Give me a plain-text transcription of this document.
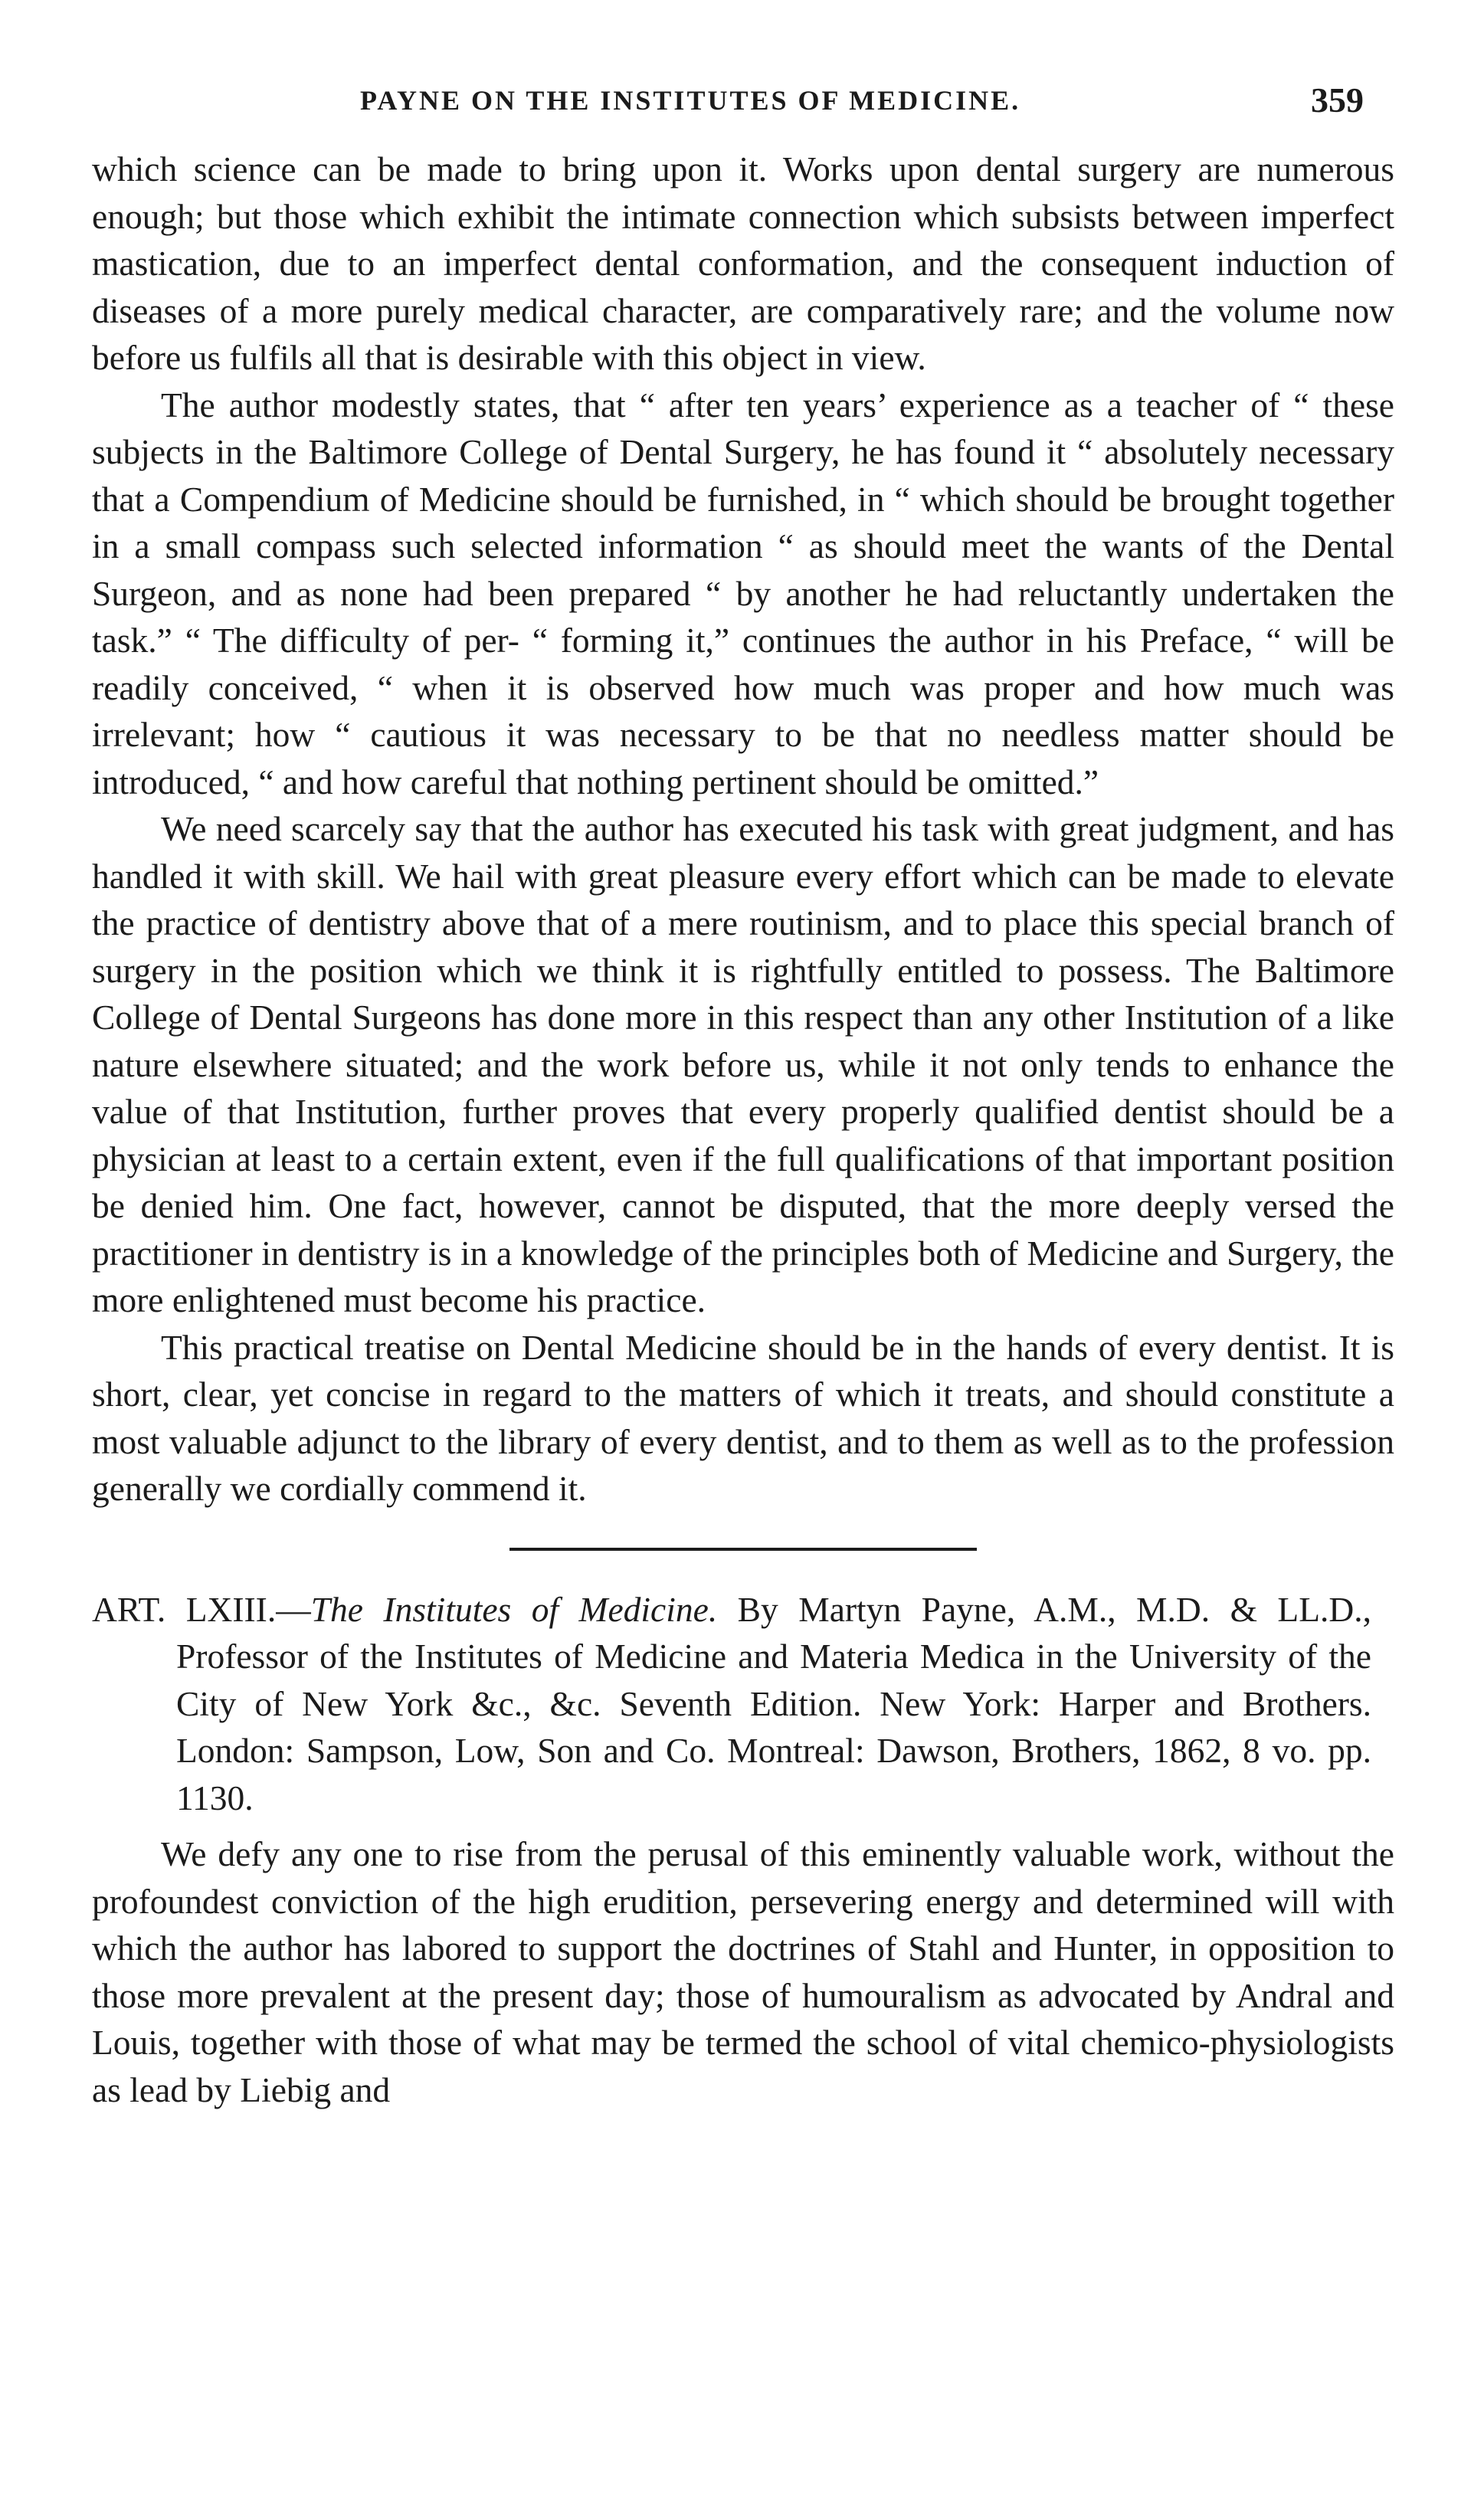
PAYNE ON THE INSTITUTES OF MEDICINE.	359

which science can be made to bring upon it. Works upon dental surgery are numerous enough; but those which exhibit the intimate connection which subsists between imperfect mastication, due to an imperfect dental conformation, and the consequent induction of diseases of a more purely medical character, are comparatively rare; and the volume now before us fulfils all that is desirable with this object in view.

The author modestly states, that “ after ten years’ experience as a teacher of “ these subjects in the Baltimore College of Dental Surgery, he has found it “ absolutely necessary that a Compendium of Medicine should be furnished, in “ which should be brought together in a small compass such selected information “ as should meet the wants of the Dental Surgeon, and as none had been prepared “ by another he had reluctantly undertaken the task.” “ The difficulty of per- “ forming it,” continues the author in his Preface, “ will be readily conceived, “ when it is observed how much was proper and how much was irrelevant; how “ cautious it was necessary to be that no needless matter should be introduced, “ and how careful that nothing pertinent should be omitted.”

We need scarcely say that the author has executed his task with great judgment, and has handled it with skill. We hail with great pleasure every effort which can be made to elevate the practice of dentistry above that of a mere routinism, and to place this special branch of surgery in the position which we think it is rightfully entitled to possess. The Baltimore College of Dental Surgeons has done more in this respect than any other Institution of a like nature elsewhere situated; and the work before us, while it not only tends to enhance the value of that Institution, further proves that every properly qualified dentist should be a physician at least to a certain extent, even if the full qualifications of that important position be denied him. One fact, however, cannot be disputed, that the more deeply versed the practitioner in dentistry is in a knowledge of the principles both of Medicine and Surgery, the more enlightened must become his practice.

This practical treatise on Dental Medicine should be in the hands of every dentist. It is short, clear, yet concise in regard to the matters of which it treats, and should constitute a most valuable adjunct to the library of every dentist, and to them as well as to the profession generally we cordially commend it.

ART. LXIII.—The Institutes of Medicine. By Martyn Payne, A.M., M.D. & LL.D., Professor of the Institutes of Medicine and Materia Medica in the University of the City of New York &c., &c. Seventh Edition. New York: Harper and Brothers. London: Sampson, Low, Son and Co. Montreal: Dawson, Brothers, 1862, 8 vo. pp. 1130.

We defy any one to rise from the perusal of this eminently valuable work, without the profoundest conviction of the high erudition, persevering energy and determined will with which the author has labored to support the doctrines of Stahl and Hunter, in opposition to those more prevalent at the present day; those of humouralism as advocated by Andral and Louis, together with those of what may be termed the school of vital chemico-physiologists as lead by Liebig and
